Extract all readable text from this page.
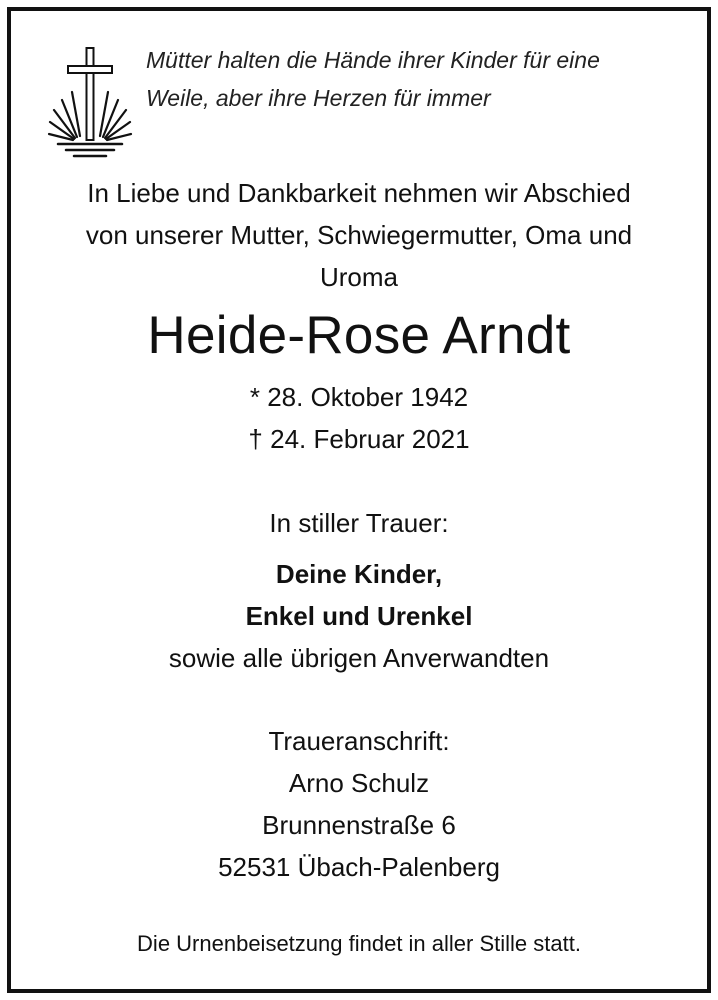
Mütter halten die Hände ihrer Kinder für eine
Weile, aber ihre Herzen für immer
In Liebe und Dankbarkeit nehmen wir Abschied
von unserer Mutter, Schwiegermutter, Oma und
Uroma
Heide-Rose Arndt
* 28. Oktober 1942
† 24. Februar 2021
In stiller Trauer:
Deine Kinder,
Enkel und Urenkel
sowie alle übrigen Anverwandten
Traueranschrift:
Arno Schulz
Brunnenstraße 6
52531 Übach-Palenberg
Die Urnenbeisetzung findet in aller Stille statt.
